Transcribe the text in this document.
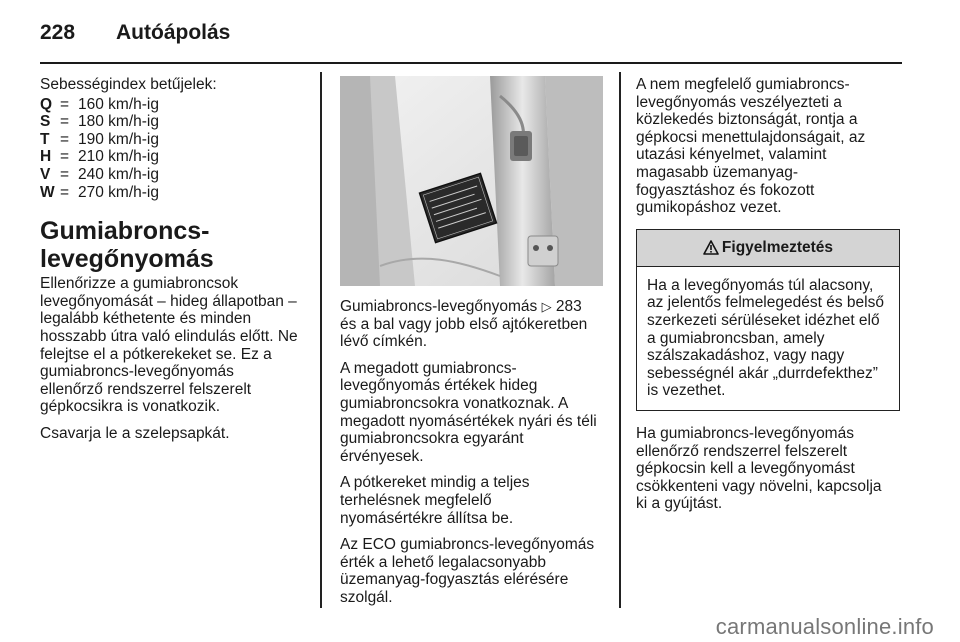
228	Autóápolás

Sebességindex betűjelek:

Q = 160 km/h-ig
S = 180 km/h-ig
T = 190 km/h-ig
H = 210 km/h-ig
V = 240 km/h-ig
W = 270 km/h-ig
Gumiabroncs-
levegőnyomás

Ellenőrizze a gumiabroncsok
levegőnyomását – hideg állapotban –
legalább kéthetente és minden
hosszabb útra való elindulás előtt. Ne
felejtse el a pótkerekeket se. Ez a
gumiabroncs-levegőnyomás
ellenőrző rendszerrel felszerelt
gépkocsikra is vonatkozik.

Csavarja le a szelepsapkát.

Gumiabroncs-levegőnyomás ▷ 283
és a bal vagy jobb első ajtókeretben
lévő címkén.

A megadott gumiabroncs-
levegőnyomás értékek hideg
gumiabroncsokra vonatkoznak. A
megadott nyomásértékek nyári és téli
gumiabroncsokra egyaránt
érvényesek.

A pótkereket mindig a teljes
terhelésnek megfelelő
nyomásértékre állítsa be.

Az ECO gumiabroncs-levegőnyomás
érték a lehető legalacsonyabb
üzemanyag-fogyasztás elérésére
szolgál.

A nem megfelelő gumiabroncs-
levegőnyomás veszélyezteti a
közlekedés biztonságát, rontja a
gépkocsi menettulajdonságait, az
utazási kényelmet, valamint
magasabb üzemanyag-
fogyasztáshoz és fokozott
gumikopáshoz vezet.

Figyelmeztetés

Ha a levegőnyomás túl alacsony,
az jelentős felmelegedést és belső
szerkezeti sérüléseket idézhet elő
a gumiabroncsban, amely
szálszakadáshoz, vagy nagy
sebességnél akár „durrdefekthez”
is vezethet.

Ha gumiabroncs-levegőnyomás
ellenőrző rendszerrel felszerelt
gépkocsin kell a levegőnyomást
csökkenteni vagy növelni, kapcsolja
ki a gyújtást.

carmanualsonline.info
